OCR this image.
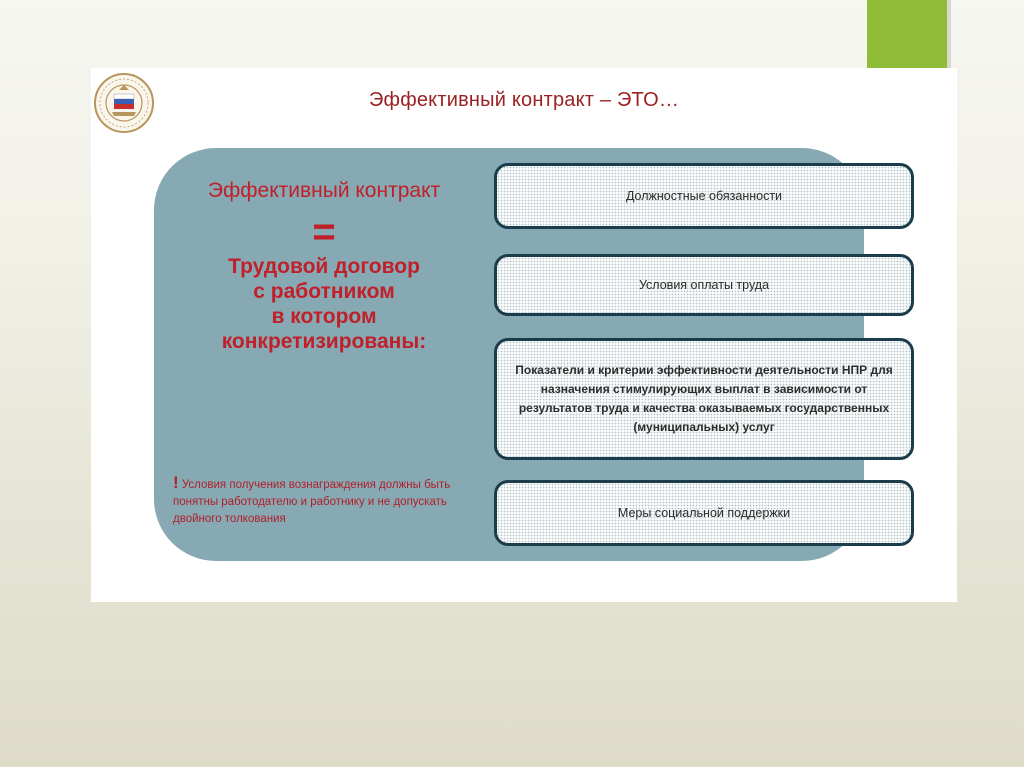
Эффективный контракт – ЭТО…
Эффективный контракт
=
Трудовой договор
с работником
в котором
конкретизированы:
! Условия получения вознаграждения должны быть понятны работодателю и работнику и не допускать двойного толкования
Должностные обязанности
Условия оплаты труда
Показатели и критерии эффективности деятельности НПР для назначения стимулирующих выплат в зависимости от результатов труда и качества оказываемых государственных (муниципальных) услуг
Меры социальной поддержки
